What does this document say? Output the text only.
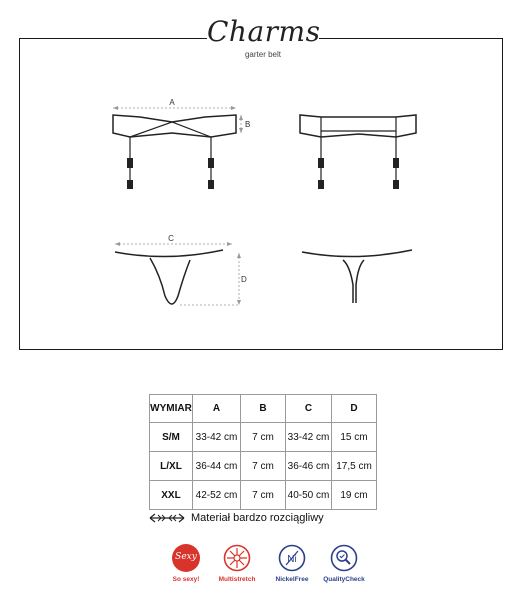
Charms
garter belt
A
B
C
D
WYMIAR	A	B	C	D
S/M	33-42 cm	7 cm	33-42 cm	15 cm
L/XL	36-44 cm	7 cm	36-46 cm	17,5 cm
XXL	42-52 cm	7 cm	40-50 cm	19 cm
Materiał bardzo rozciągliwy
Sexy
So sexy!	Multistretch
Ni
NickelFree	QualityCheck
